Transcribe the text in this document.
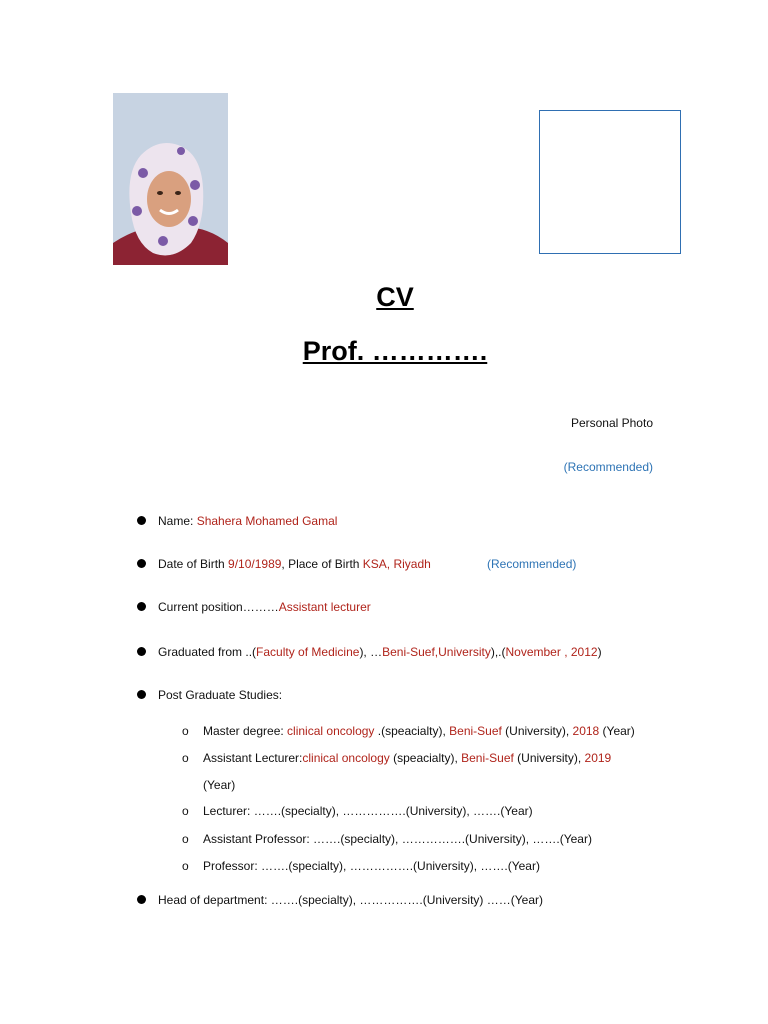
CV
Prof. ………….
Personal Photo
(Recommended)
Name: Shahera Mohamed Gamal
Date of Birth 9/10/1989, Place of Birth KSA, Riyadh	(Recommended)
Current position………Assistant lecturer
Graduated from ..(Faculty of Medicine), …Beni-Suef,University),.(November , 2012)
Post Graduate Studies:
o Master degree: clinical oncology .(speacialty), Beni-Suef (University), 2018 (Year)
o Assistant Lecturer:clinical oncology (speacialty), Beni-Suef (University), 2019
(Year)
o Lecturer: …….(specialty), …………….(University), …….(Year)
o Assistant Professor: …….(specialty), …………….(University), …….(Year)
o Professor: …….(specialty), …………….(University), …….(Year)
Head of department: …….(specialty), …………….(University) ……(Year)
